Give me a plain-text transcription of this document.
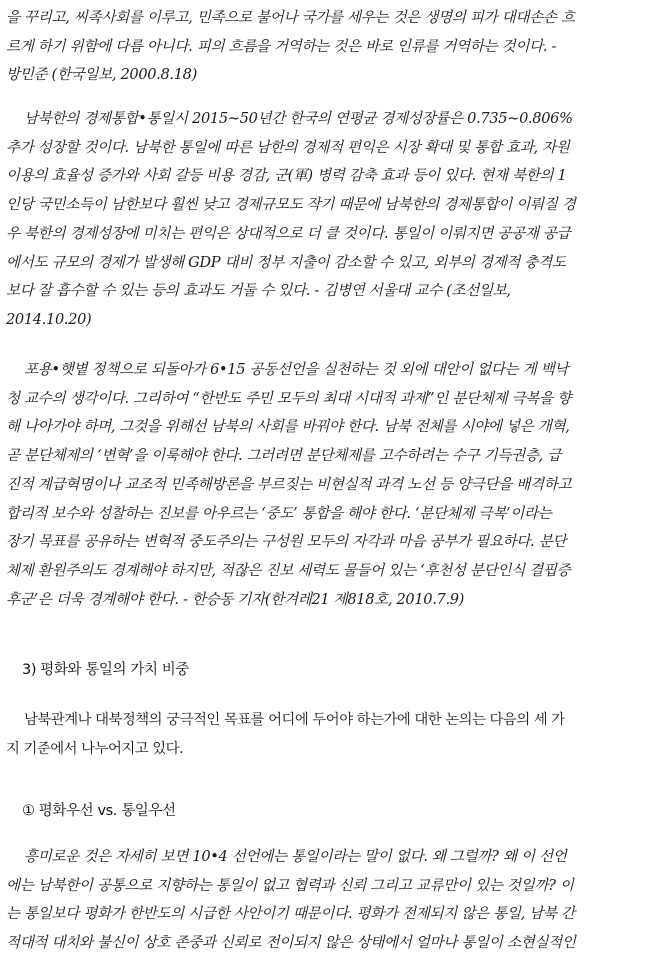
을 꾸리고, 씨족사회를 이루고, 민족으로 불어나 국가를 세우는 것은 생명의 피가 대대손손 흐
르게 하기 위함에 다름 아니다. 피의 흐름을 거역하는 것은 바로 인류를 거역하는 것이다. -
방민준 (한국일보, 2000.8.18)
남북한의 경제통합•통일시 2015~50년간 한국의 연평균 경제성장률은 0.735~0.806%
추가 성장할 것이다. 남북한 통일에 따른 남한의 경제적 편익은 시장 확대 및 통합 효과, 자원
이용의 효율성 증가와 사회 갈등 비용 경감, 군(軍) 병력 감축 효과 등이 있다. 현재 북한의 1
인당 국민소득이 남한보다 훨씬 낮고 경제규모도 작기 때문에 남북한의 경제통합이 이뤄질 경
우 북한의 경제성장에 미치는 편익은 상대적으로 더 클 것이다. 통일이 이뤄지면 공공재 공급
에서도 규모의 경제가 발생해 GDP 대비 정부 지출이 감소할 수 있고, 외부의 경제적 충격도
보다 잘 흡수할 수 있는 등의 효과도 거둘 수 있다. - 김병연 서울대 교수 (조선일보,
2014.10.20)
포용•햇볕 정책으로 되돌아가 6•15 공동선언을 실천하는 것 외에 대안이 없다는 게 백낙
청 교수의 생각이다. 그리하여 “한반도 주민 모두의 최대 시대적 과제”인 분단체제 극복을 향
해 나아가야 하며, 그것을 위해선 남북의 사회를 바꿔야 한다. 남북 전체를 시야에 넣은 개혁,
곧 분단체제의 ‘변혁’을 이룩해야 한다. 그러려면 분단체제를 고수하려는 수구 기득권층, 급
진적 계급혁명이나 교조적 민족해방론을 부르짖는 비현실적 과격 노선 등 양극단을 배격하고
합리적 보수와 성찰하는 진보를 아우르는 ‘중도’ 통합을 해야 한다. ‘분단체제 극복’이라는
장기 목표를 공유하는 변혁적 중도주의는 구성원 모두의 자각과 마음 공부가 필요하다. 분단
체제 환원주의도 경계해야 하지만, 적잖은 진보 세력도 물들어 있는 ‘후천성 분단인식 결핍증
후군’은 더욱 경계해야 한다. - 한승동 기자(한겨레21 제818호, 2010.7.9)
3) 평화와 통일의 가치 비중
남북관계나 대북정책의 궁극적인 목표를 어디에 두어야 하는가에 대한 논의는 다음의 세 가
지 기준에서 나누어지고 있다.
① 평화우선 vs. 통일우선
흥미로운 것은 자세히 보면 10•4 선언에는 통일이라는 말이 없다. 왜 그럴까? 왜 이 선언
에는 남북한이 공통으로 지향하는 통일이 없고 협력과 신뢰 그리고 교류만이 있는 것일까? 이
는 통일보다 평화가 한반도의 시급한 사안이기 때문이다. 평화가 전제되지 않은 통일, 남북 간
적대적 대치와 불신이 상호 존중과 신뢰로 전이되지 않은 상태에서 얼마나 통일이 소현실적인
